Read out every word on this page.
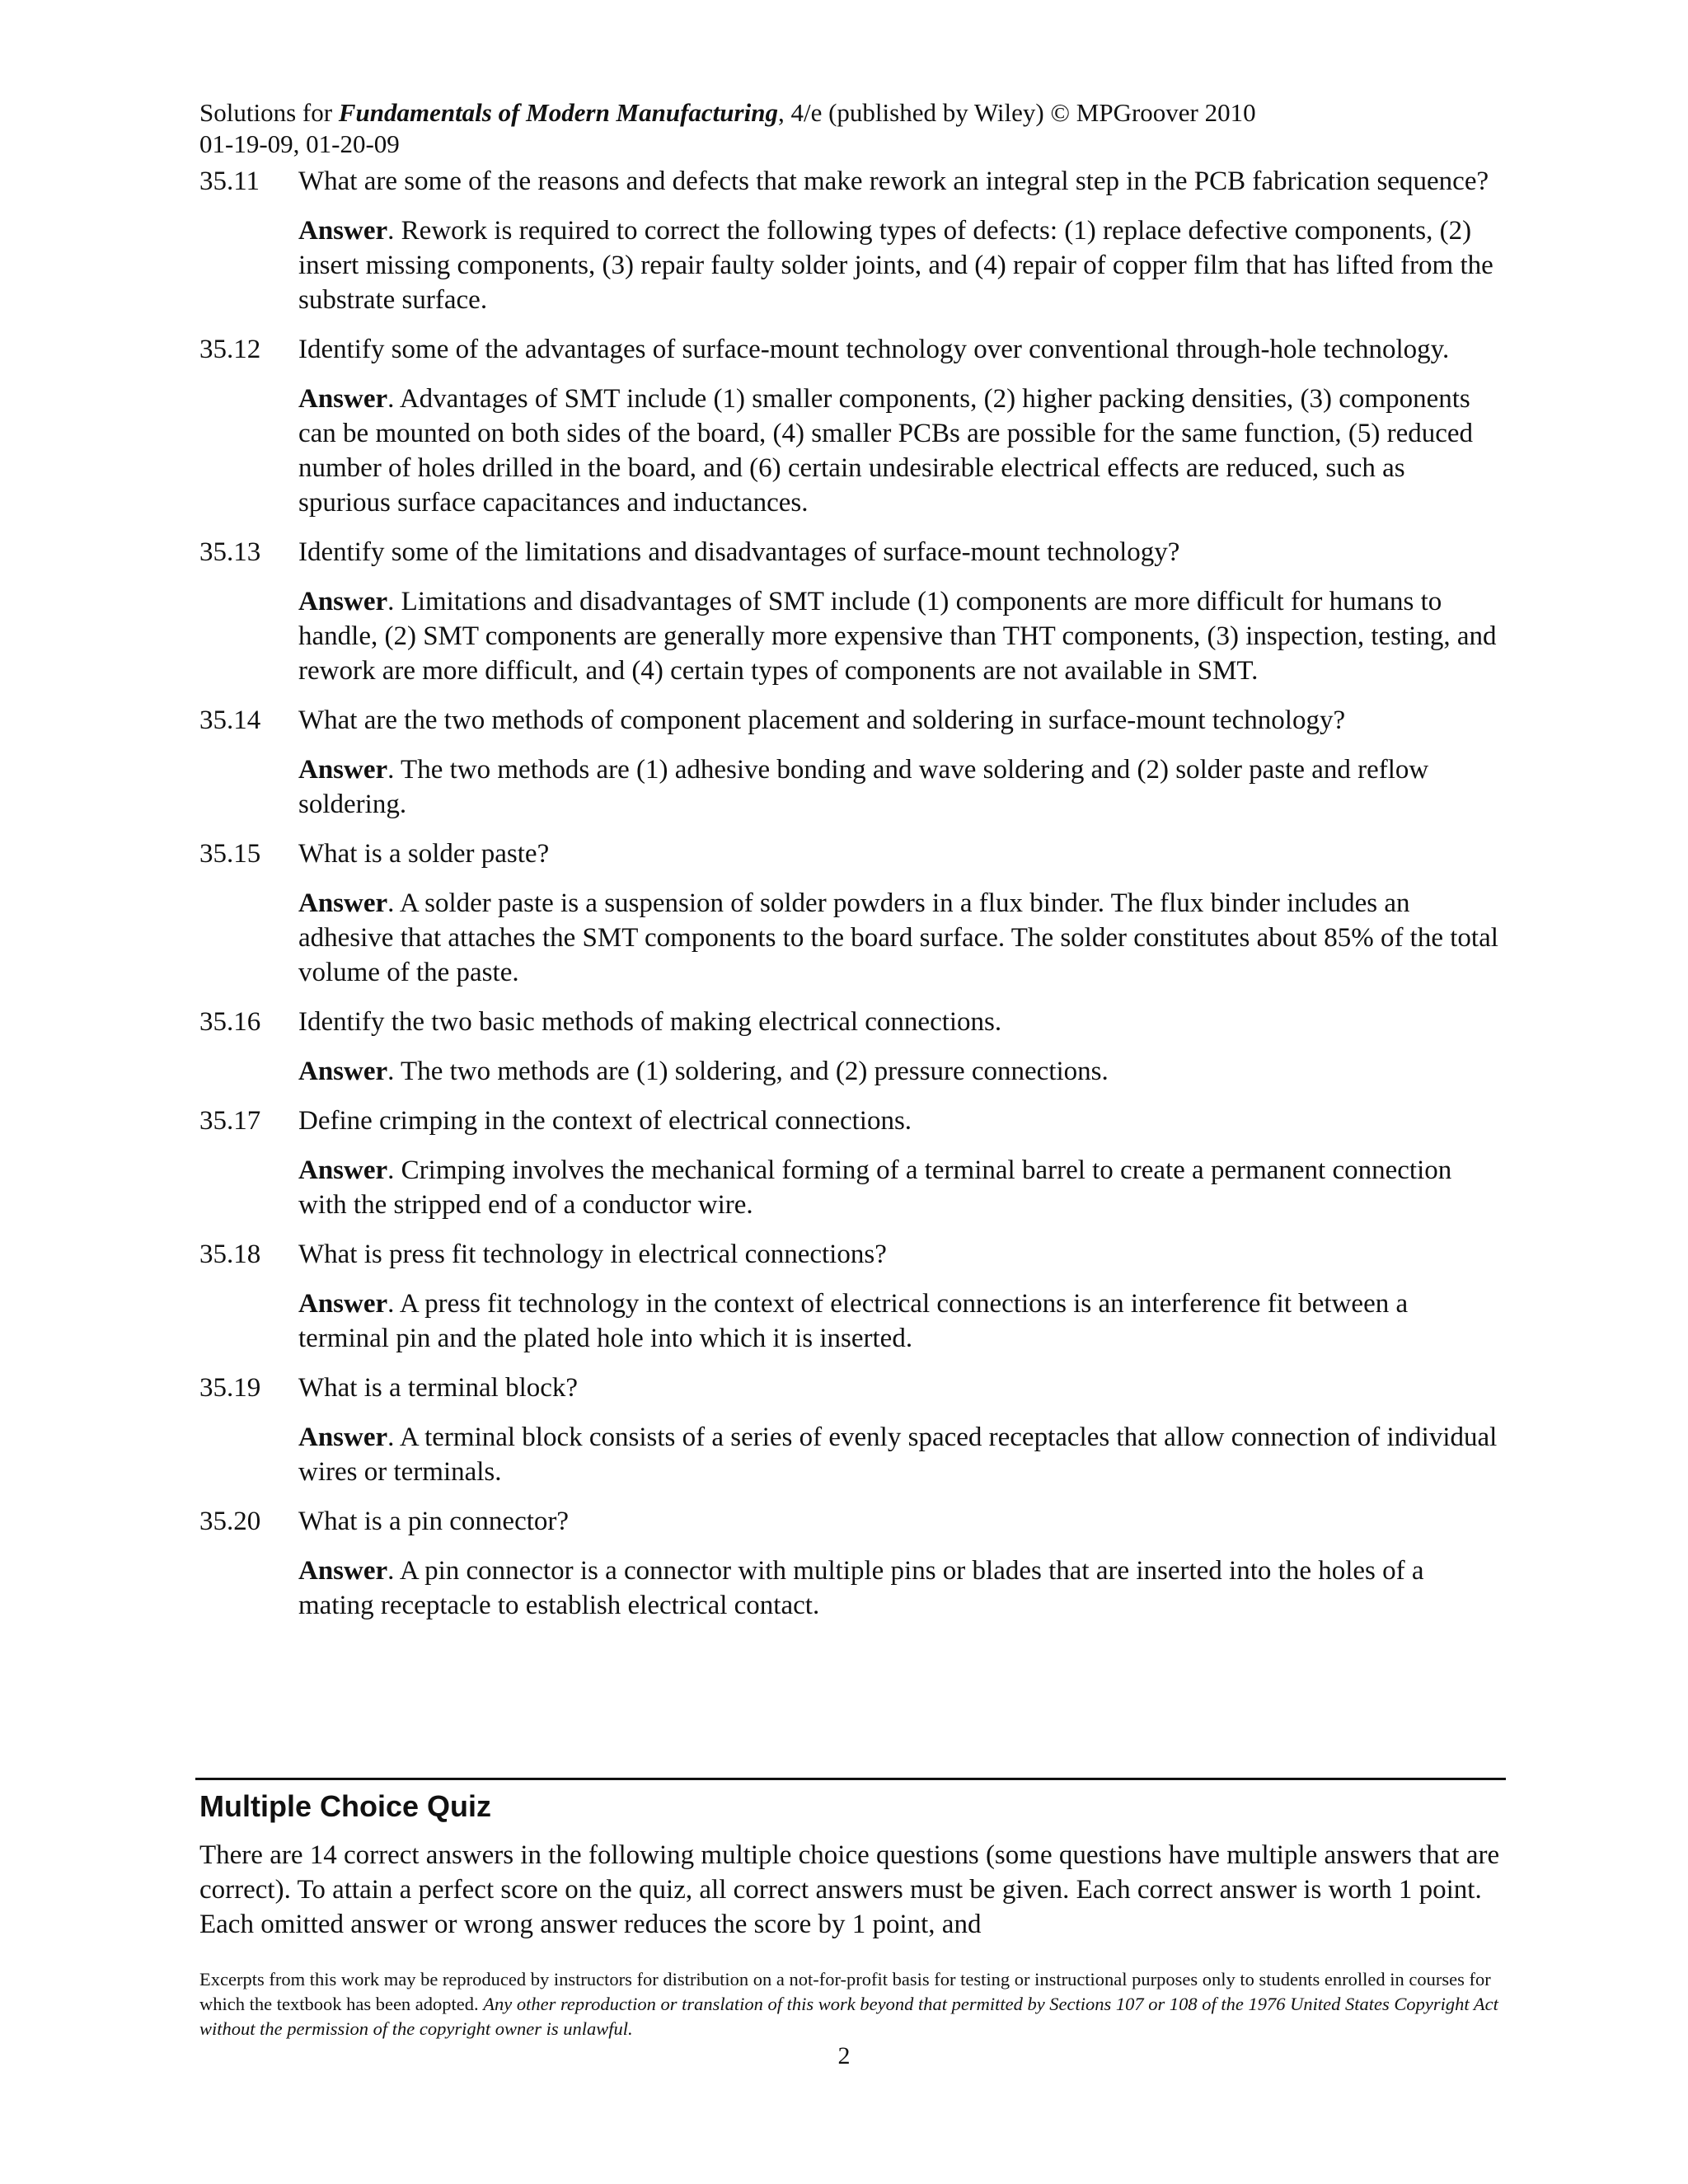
Solutions for Fundamentals of Modern Manufacturing, 4/e (published by Wiley) © MPGroover 2010
01-19-09, 01-20-09
35.11	What are some of the reasons and defects that make rework an integral step in the PCB fabrication sequence?
Answer. Rework is required to correct the following types of defects: (1) replace defective components, (2) insert missing components, (3) repair faulty solder joints, and (4) repair of copper film that has lifted from the substrate surface.
35.12	Identify some of the advantages of surface-mount technology over conventional through-hole technology.
Answer. Advantages of SMT include (1) smaller components, (2) higher packing densities, (3) components can be mounted on both sides of the board, (4) smaller PCBs are possible for the same function, (5) reduced number of holes drilled in the board, and (6) certain undesirable electrical effects are reduced, such as spurious surface capacitances and inductances.
35.13	Identify some of the limitations and disadvantages of surface-mount technology?
Answer. Limitations and disadvantages of SMT include (1) components are more difficult for humans to handle, (2) SMT components are generally more expensive than THT components, (3) inspection, testing, and rework are more difficult, and (4) certain types of components are not available in SMT.
35.14	What are the two methods of component placement and soldering in surface-mount technology?
Answer. The two methods are (1) adhesive bonding and wave soldering and (2) solder paste and reflow soldering.
35.15	What is a solder paste?
Answer. A solder paste is a suspension of solder powders in a flux binder. The flux binder includes an adhesive that attaches the SMT components to the board surface. The solder constitutes about 85% of the total volume of the paste.
35.16	Identify the two basic methods of making electrical connections.
Answer. The two methods are (1) soldering, and (2) pressure connections.
35.17	Define crimping in the context of electrical connections.
Answer. Crimping involves the mechanical forming of a terminal barrel to create a permanent connection with the stripped end of a conductor wire.
35.18	What is press fit technology in electrical connections?
Answer. A press fit technology in the context of electrical connections is an interference fit between a terminal pin and the plated hole into which it is inserted.
35.19	What is a terminal block?
Answer. A terminal block consists of a series of evenly spaced receptacles that allow connection of individual wires or terminals.
35.20	What is a pin connector?
Answer. A pin connector is a connector with multiple pins or blades that are inserted into the holes of a mating receptacle to establish electrical contact.
Multiple Choice Quiz
There are 14 correct answers in the following multiple choice questions (some questions have multiple answers that are correct). To attain a perfect score on the quiz, all correct answers must be given. Each correct answer is worth 1 point. Each omitted answer or wrong answer reduces the score by 1 point, and
Excerpts from this work may be reproduced by instructors for distribution on a not-for-profit basis for testing or instructional purposes only to students enrolled in courses for which the textbook has been adopted. Any other reproduction or translation of this work beyond that permitted by Sections 107 or 108 of the 1976 United States Copyright Act without the permission of the copyright owner is unlawful.
2
